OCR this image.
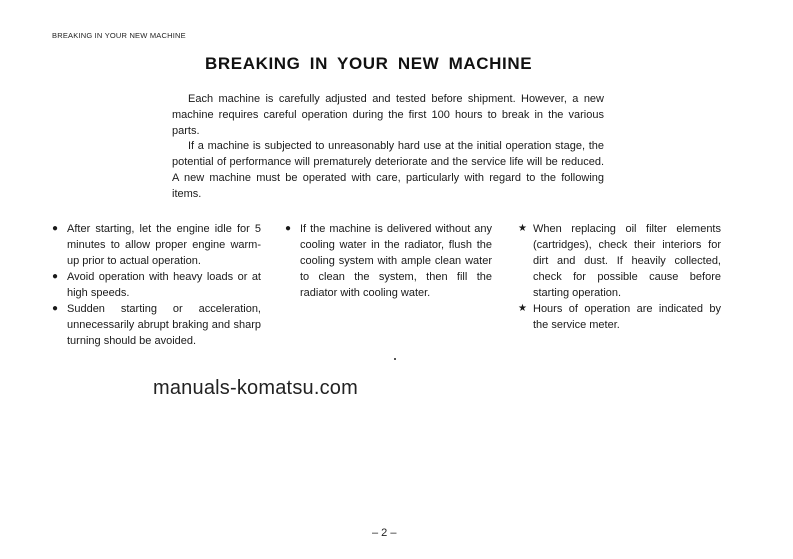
BREAKING IN YOUR NEW MACHINE
BREAKING IN YOUR NEW MACHINE

Each machine is carefully adjusted and tested before shipment. However, a new machine requires careful operation during the first 100 hours to break in the various parts.

If a machine is subjected to unreasonably hard use at the initial operation stage, the potential of performance will prematurely deteriorate and the service life will be reduced. A new machine must be operated with care, particularly with regard to the following items.

● After starting, let the engine idle for 5 minutes to allow proper engine warm-up prior to actual operation.
● Avoid operation with heavy loads or at high speeds.
● Sudden starting or acceleration, unnecessarily abrupt braking and sharp turning should be avoided.
● If the machine is delivered without any cooling water in the radiator, flush the cooling system with ample clean water to clean the system, then fill the radiator with cooling water.
★ When replacing oil filter elements (cartridges), check their interiors for dirt and dust. If heavily collected, check for possible cause before starting operation.
★ Hours of operation are indicated by the service meter.
manuals-komatsu.com
– 2 –
